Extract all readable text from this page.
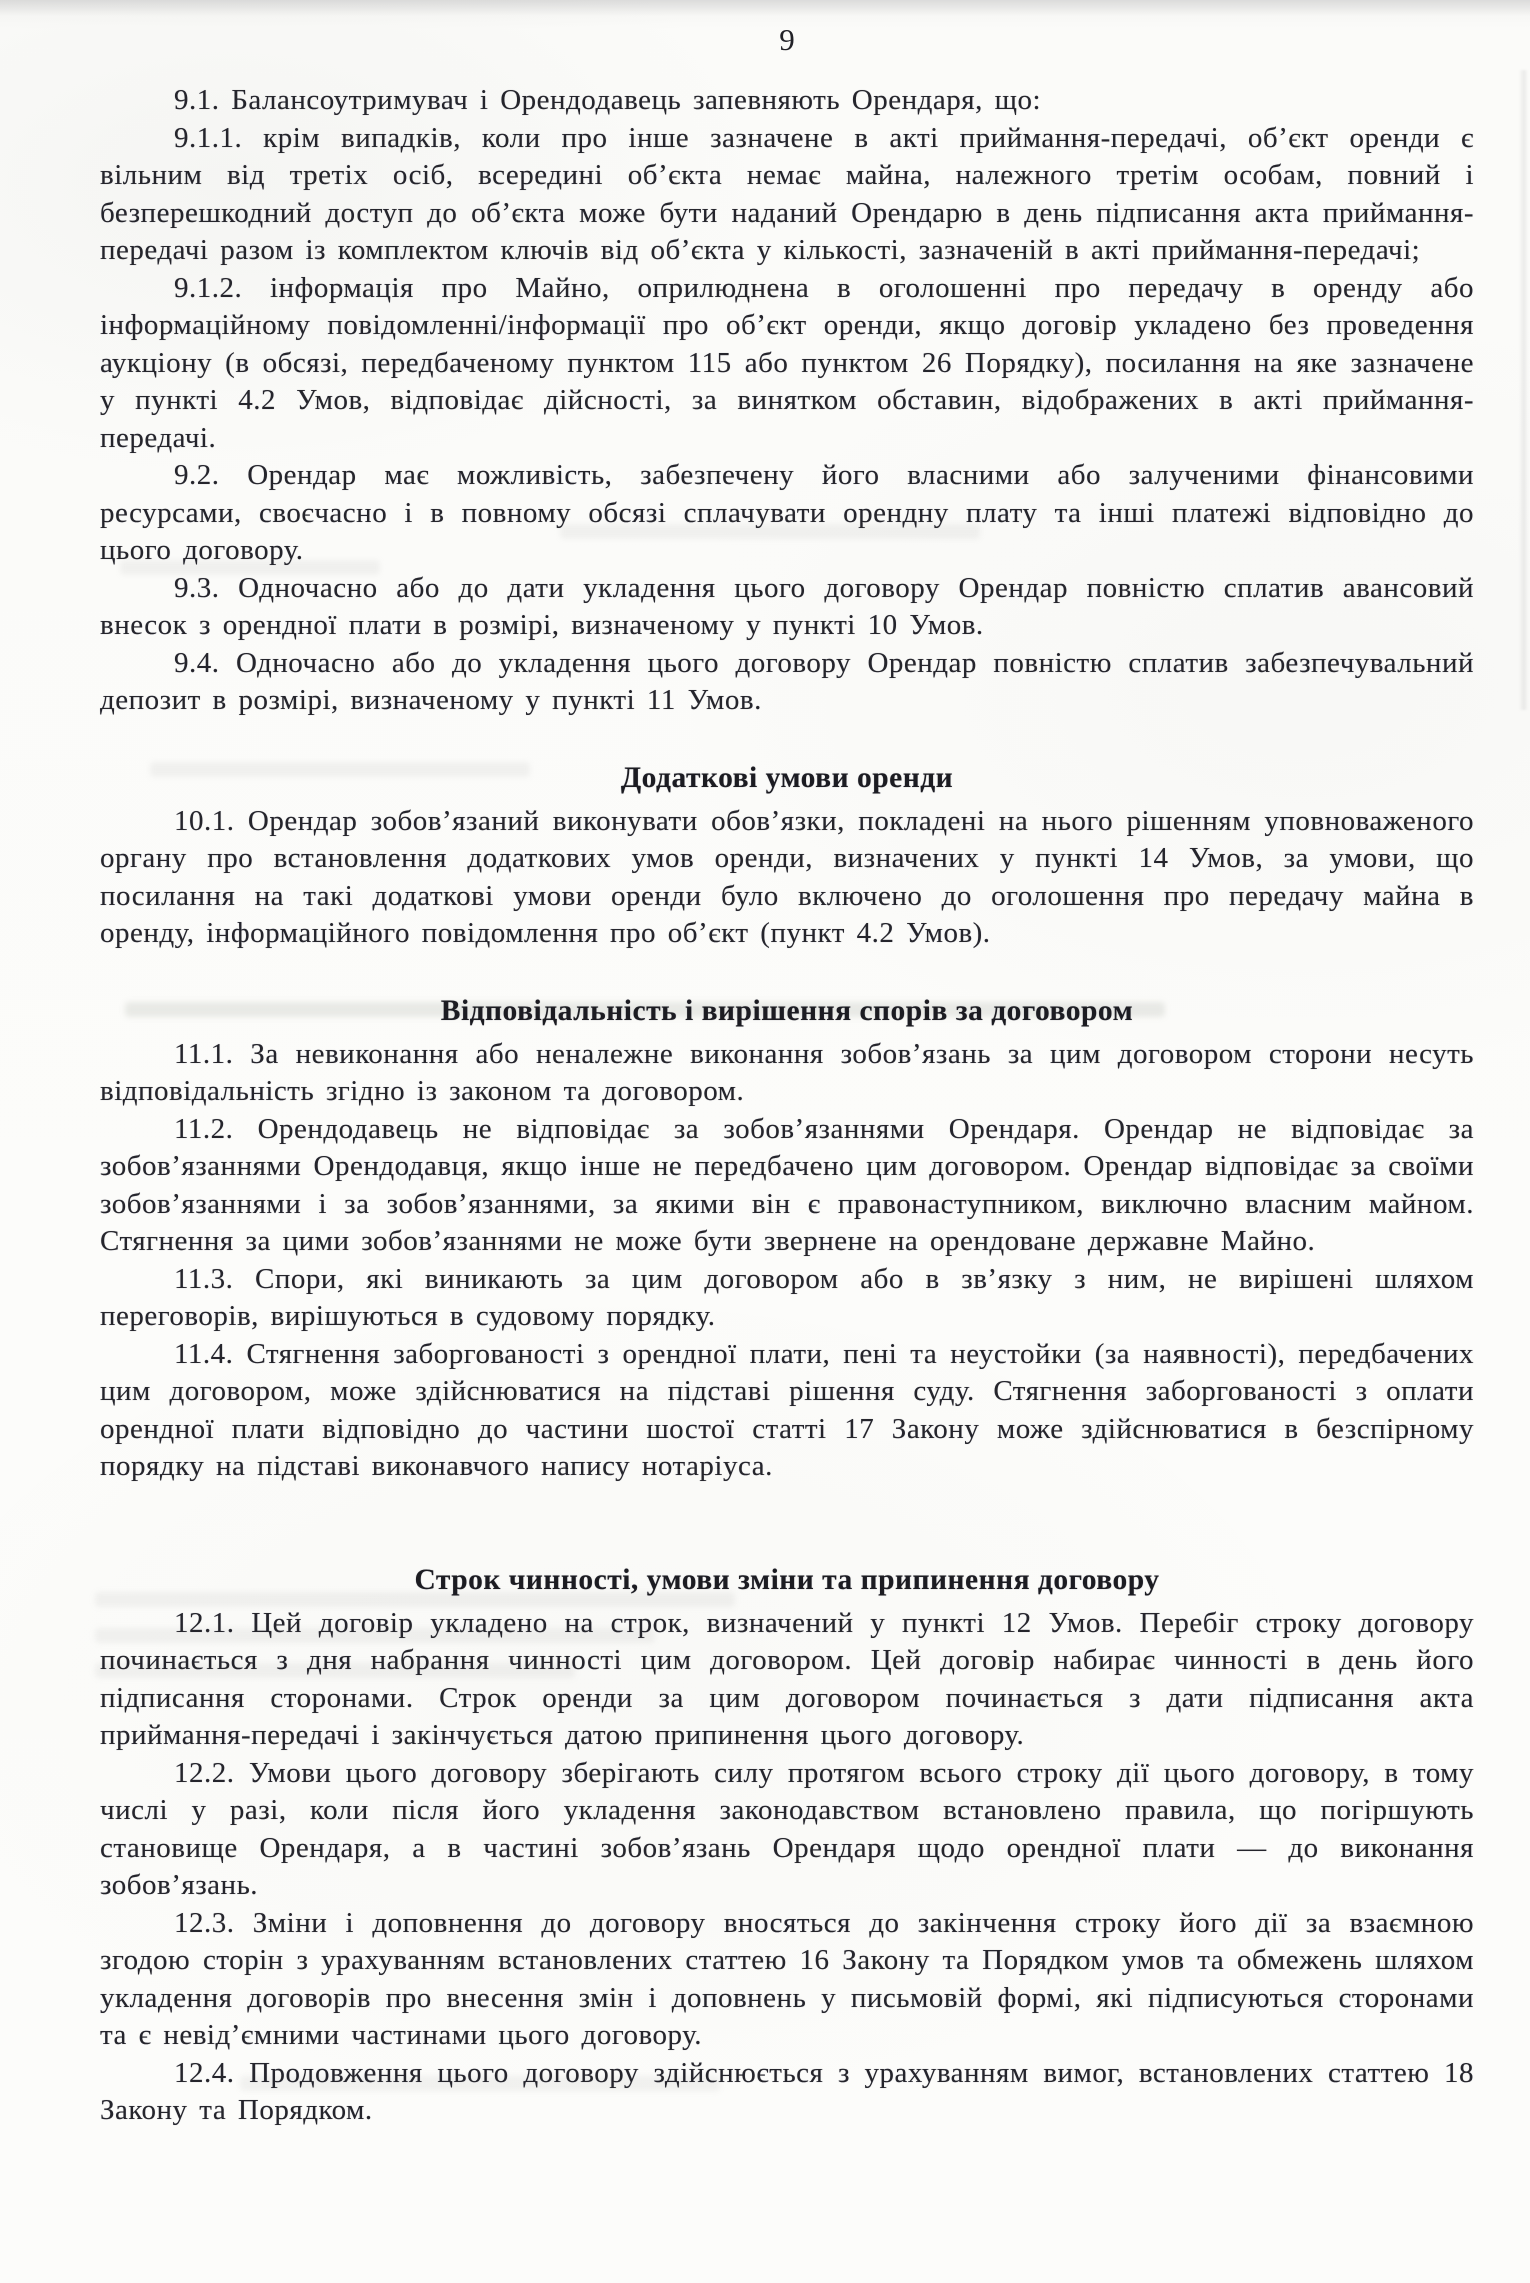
9

9.1. Балансоутримувач і Орендодавець запевняють Орендаря, що:

9.1.1. крім випадків, коли про інше зазначене в акті приймання-передачі, об’єкт оренди є вільним від третіх осіб, всередині об’єкта немає майна, належного третім особам, повний і безперешкодний доступ до об’єкта може бути наданий Орендарю в день підписання акта приймання-передачі разом із комплектом ключів від об’єкта у кількості, зазначеній в акті приймання-передачі;

9.1.2. інформація про Майно, оприлюднена в оголошенні про передачу в оренду або інформаційному повідомленні/інформації про об’єкт оренди, якщо договір укладено без проведення аукціону (в обсязі, передбаченому пунктом 115 або пунктом 26 Порядку), посилання на яке зазначене у пункті 4.2 Умов, відповідає дійсності, за винятком обставин, відображених в акті приймання-передачі.

9.2. Орендар має можливість, забезпечену його власними або залученими фінансовими ресурсами, своєчасно і в повному обсязі сплачувати орендну плату та інші платежі відповідно до цього договору.

9.3. Одночасно або до дати укладення цього договору Орендар повністю сплатив авансовий внесок з орендної плати в розмірі, визначеному у пункті 10 Умов.

9.4. Одночасно або до укладення цього договору Орендар повністю сплатив забезпечувальний депозит в розмірі, визначеному у пункті 11 Умов.

Додаткові умови оренди

10.1. Орендар зобов’язаний виконувати обов’язки, покладені на нього рішенням уповноваженого органу про встановлення додаткових умов оренди, визначених у пункті 14 Умов, за умови, що посилання на такі додаткові умови оренди було включено до оголошення про передачу майна в оренду, інформаційного повідомлення про об’єкт (пункт 4.2 Умов).

Відповідальність і вирішення спорів за договором

11.1. За невиконання або неналежне виконання зобов’язань за цим договором сторони несуть відповідальність згідно із законом та договором.

11.2. Орендодавець не відповідає за зобов’язаннями Орендаря. Орендар не відповідає за зобов’язаннями Орендодавця, якщо інше не передбачено цим договором. Орендар відповідає за своїми зобов’язаннями і за зобов’язаннями, за якими він є правонаступником, виключно власним майном. Стягнення за цими зобов’язаннями не може бути звернене на орендоване державне Майно.

11.3. Спори, які виникають за цим договором або в зв’язку з ним, не вирішені шляхом переговорів, вирішуються в судовому порядку.

11.4. Стягнення заборгованості з орендної плати, пені та неустойки (за наявності), передбачених цим договором, може здійснюватися на підставі рішення суду. Стягнення заборгованості з оплати орендної плати відповідно до частини шостої статті 17 Закону може здійснюватися в безспірному порядку на підставі виконавчого напису нотаріуса.

Строк чинності, умови зміни та припинення договору

12.1. Цей договір укладено на строк, визначений у пункті 12 Умов. Перебіг строку договору починається з дня набрання чинності цим договором. Цей договір набирає чинності в день його підписання сторонами. Строк оренди за цим договором починається з дати підписання акта приймання-передачі і закінчується датою припинення цього договору.

12.2. Умови цього договору зберігають силу протягом всього строку дії цього договору, в тому числі у разі, коли після його укладення законодавством встановлено правила, що погіршують становище Орендаря, а в частині зобов’язань Орендаря щодо орендної плати — до виконання зобов’язань.

12.3. Зміни і доповнення до договору вносяться до закінчення строку його дії за взаємною згодою сторін з урахуванням встановлених статтею 16 Закону та Порядком умов та обмежень шляхом укладення договорів про внесення змін і доповнень у письмовій формі, які підписуються сторонами та є невід’ємними частинами цього договору.

12.4. Продовження цього договору здійснюється з урахуванням вимог, встановлених статтею 18 Закону та Порядком.
